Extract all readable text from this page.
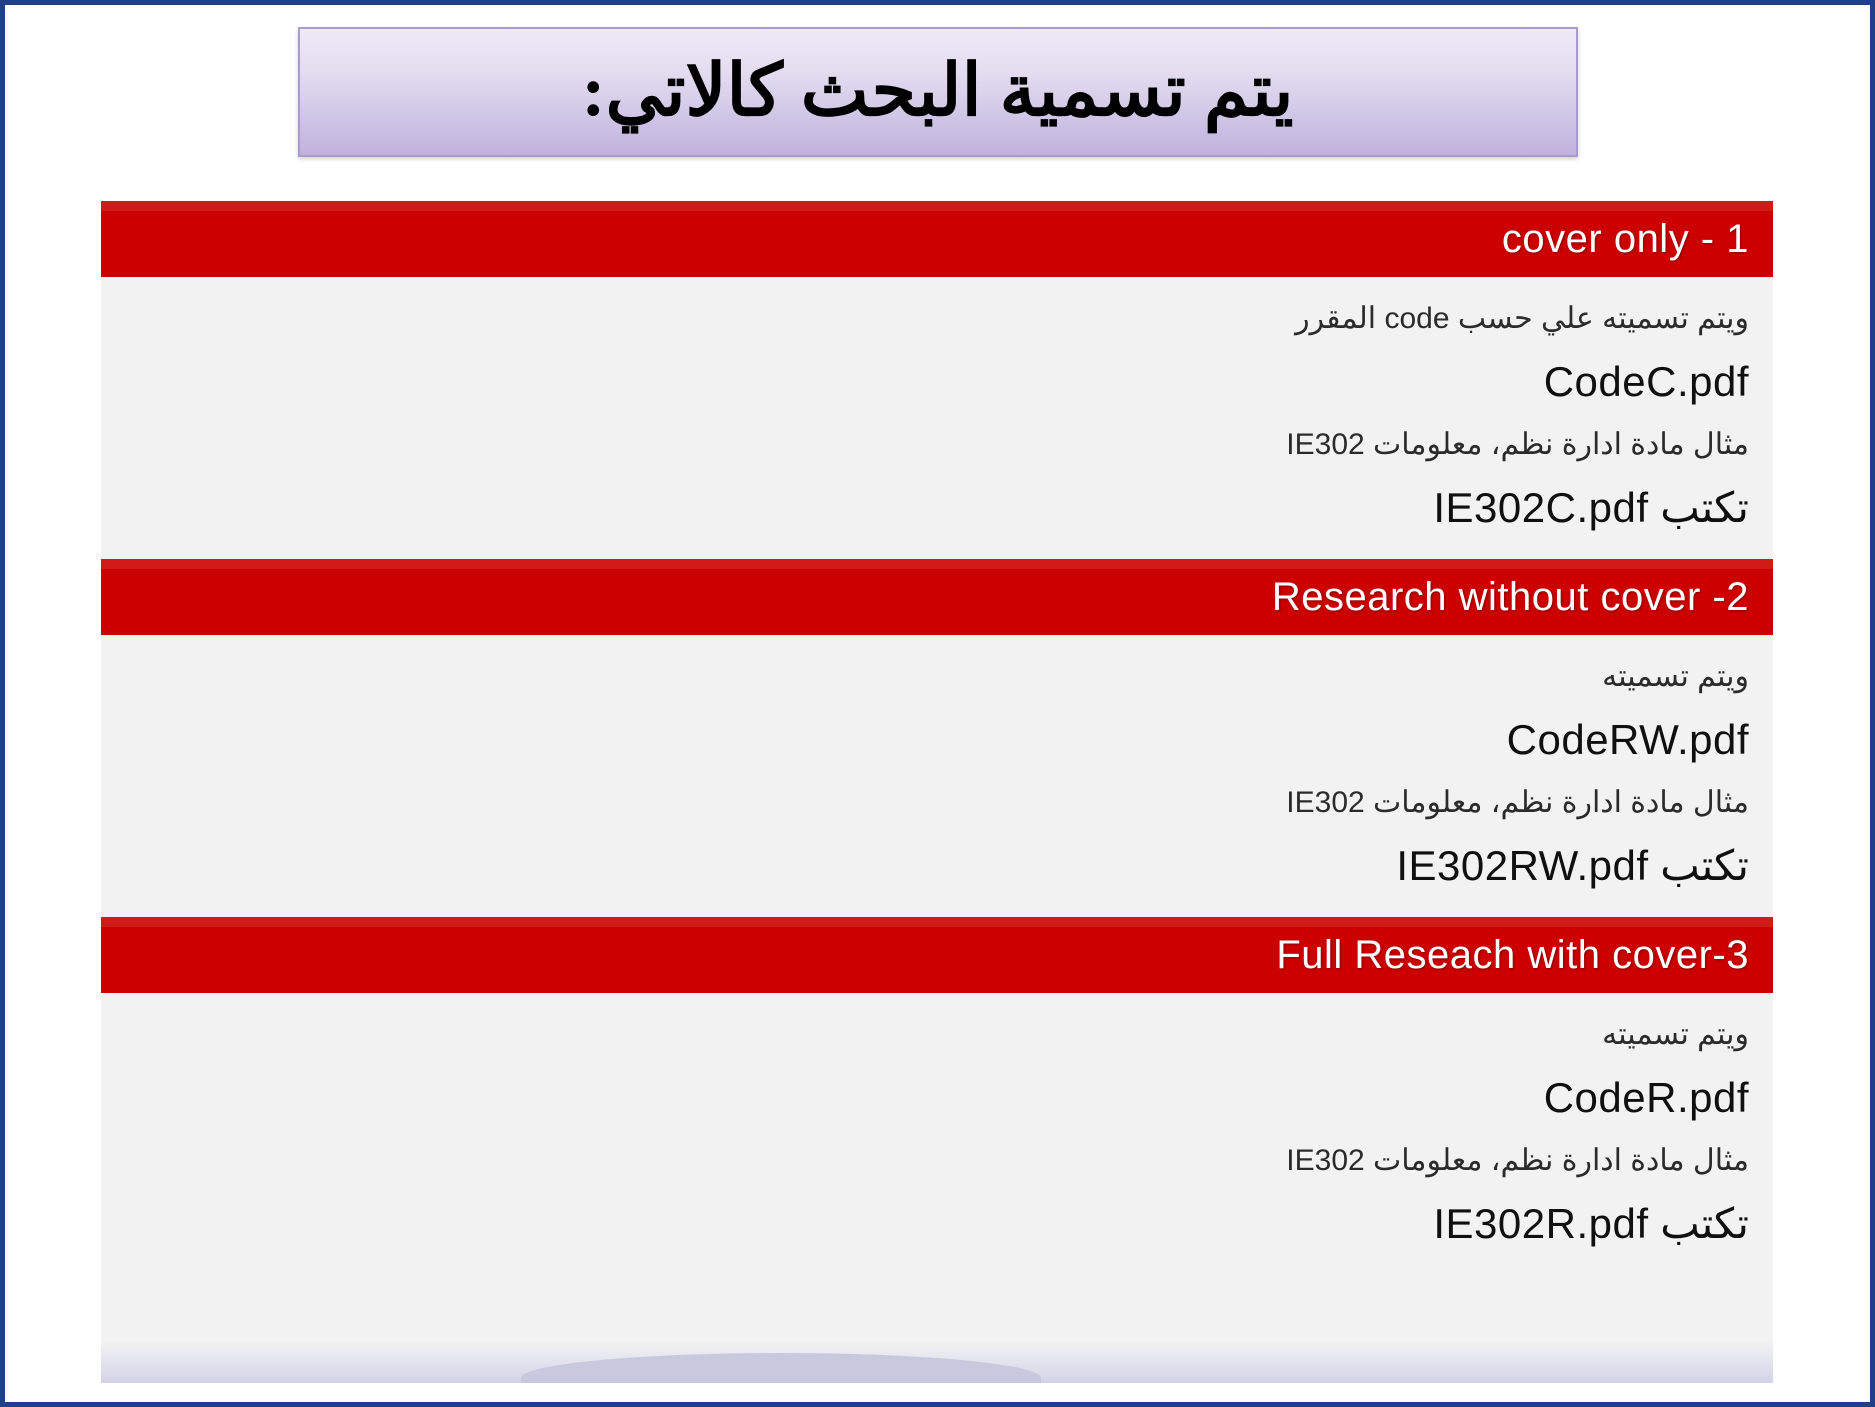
يتم تسمية البحث كالاتي:
cover only - 1
ويتم تسميته علي حسب code المقرر
CodeC.pdf
مثال مادة ادارة نظم، معلومات IE302
تكتب IE302C.pdf
Research without cover -2
ويتم تسميته
CodeRW.pdf
مثال مادة ادارة نظم، معلومات IE302
تكتب IE302RW.pdf
Full Reseach with cover-3
ويتم تسميته
CodeR.pdf
مثال مادة ادارة نظم، معلومات IE302
تكتب IE302R.pdf
